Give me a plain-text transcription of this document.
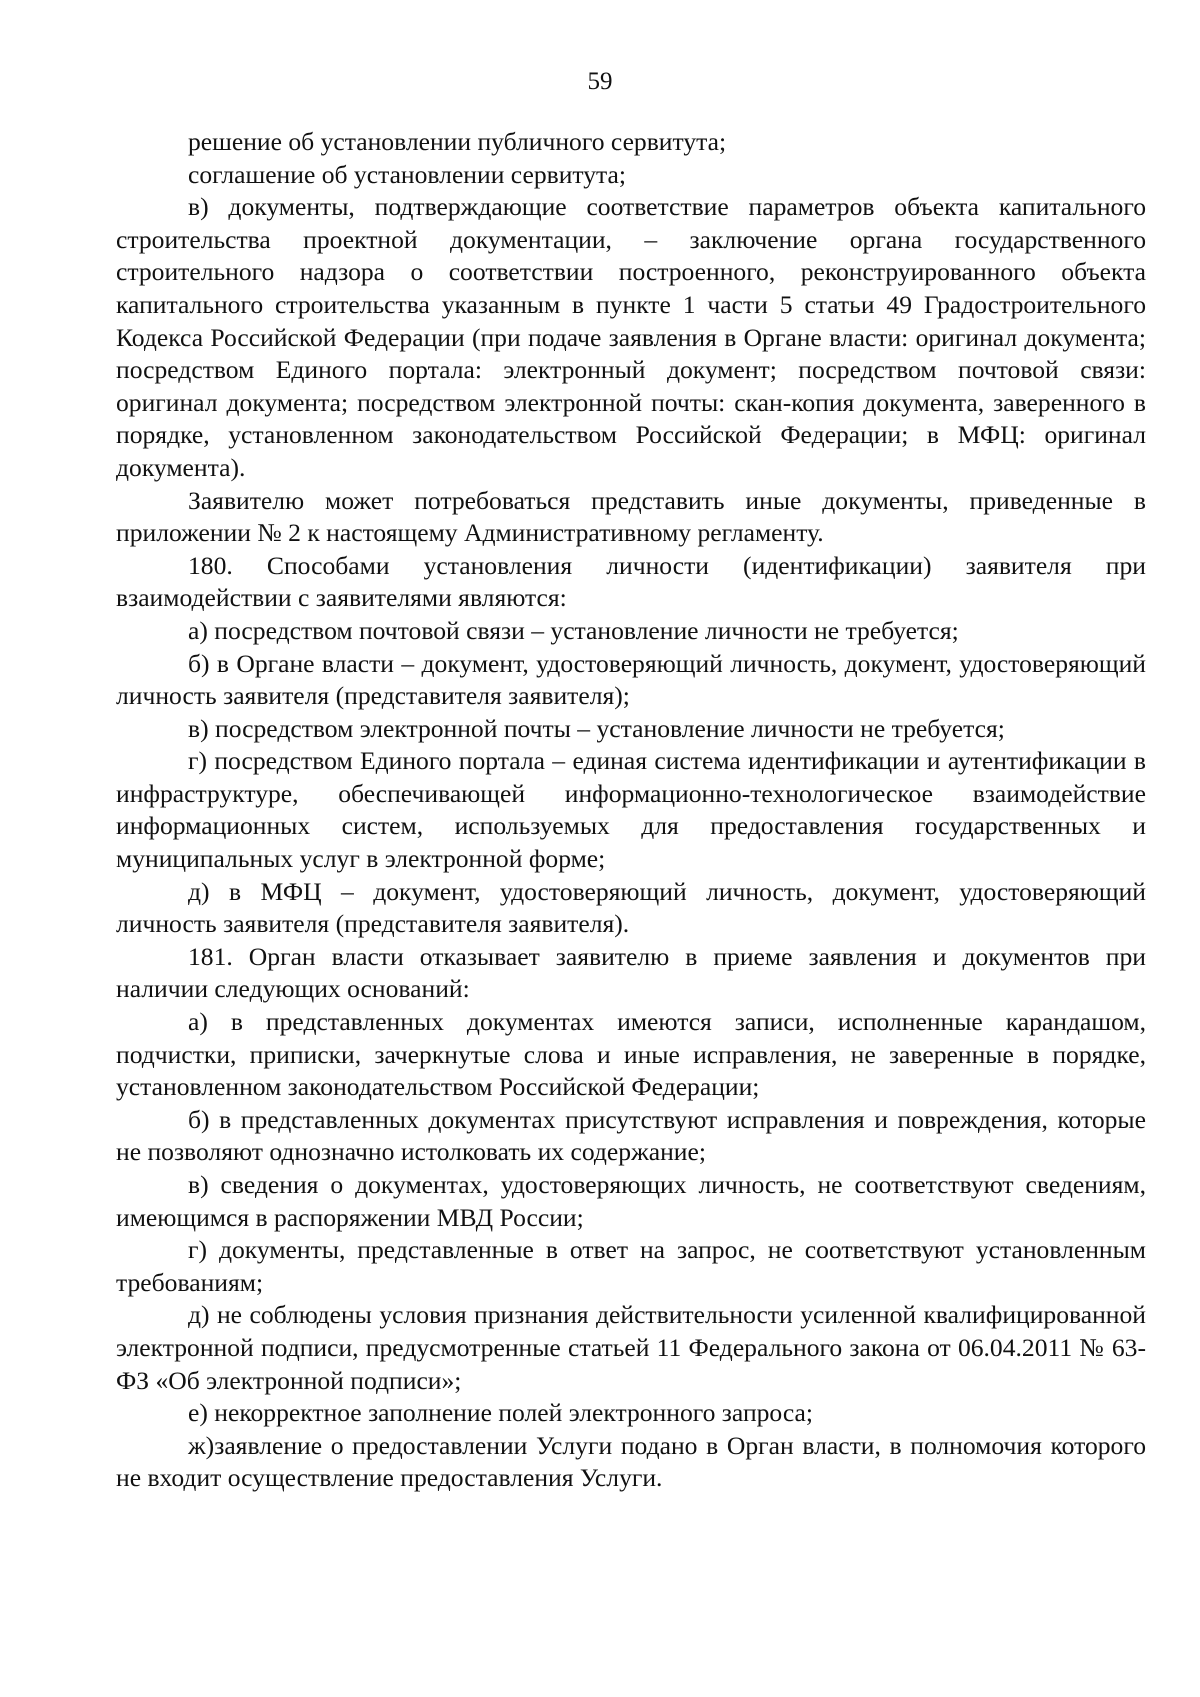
59

решение об установлении публичного сервитута;

соглашение об установлении сервитута;

в) документы, подтверждающие соответствие параметров объекта капитального строительства проектной документации, – заключение органа государственного строительного надзора о соответствии построенного, реконструированного объекта капитального строительства указанным в пункте 1 части 5 статьи 49 Градостроительного Кодекса Российской Федерации (при подаче заявления в Органе власти: оригинал документа; посредством Единого портала: электронный документ; посредством почтовой связи: оригинал документа; посредством электронной почты: скан-копия документа, заверенного в порядке, установленном законодательством Российской Федерации; в МФЦ: оригинал документа).

Заявителю может потребоваться представить иные документы, приведенные в приложении № 2 к настоящему Административному регламенту.

180. Способами установления личности (идентификации) заявителя при взаимодействии с заявителями являются:

а) посредством почтовой связи – установление личности не требуется;

б) в Органе власти – документ, удостоверяющий личность, документ, удостоверяющий личность заявителя (представителя заявителя);

в) посредством электронной почты – установление личности не требуется;

г) посредством Единого портала – единая система идентификации и аутентификации в инфраструктуре, обеспечивающей информационно-технологическое взаимодействие информационных систем, используемых для предоставления государственных и муниципальных услуг в электронной форме;

д) в МФЦ – документ, удостоверяющий личность, документ, удостоверяющий личность заявителя (представителя заявителя).

181. Орган власти отказывает заявителю в приеме заявления и документов при наличии следующих оснований:

а) в представленных документах имеются записи, исполненные карандашом, подчистки, приписки, зачеркнутые слова и иные исправления, не заверенные в порядке, установленном законодательством Российской Федерации;

б) в представленных документах присутствуют исправления и повреждения, которые не позволяют однозначно истолковать их содержание;

в) сведения о документах, удостоверяющих личность, не соответствуют сведениям, имеющимся в распоряжении МВД России;

г) документы, представленные в ответ на запрос, не соответствуют установленным требованиям;

д) не соблюдены условия признания действительности усиленной квалифицированной электронной подписи, предусмотренные статьей 11 Федерального закона от 06.04.2011 № 63-ФЗ «Об электронной подписи»;

е) некорректное заполнение полей электронного запроса;

ж)заявление о предоставлении Услуги подано в Орган власти, в полномочия которого не входит осуществление предоставления Услуги.
